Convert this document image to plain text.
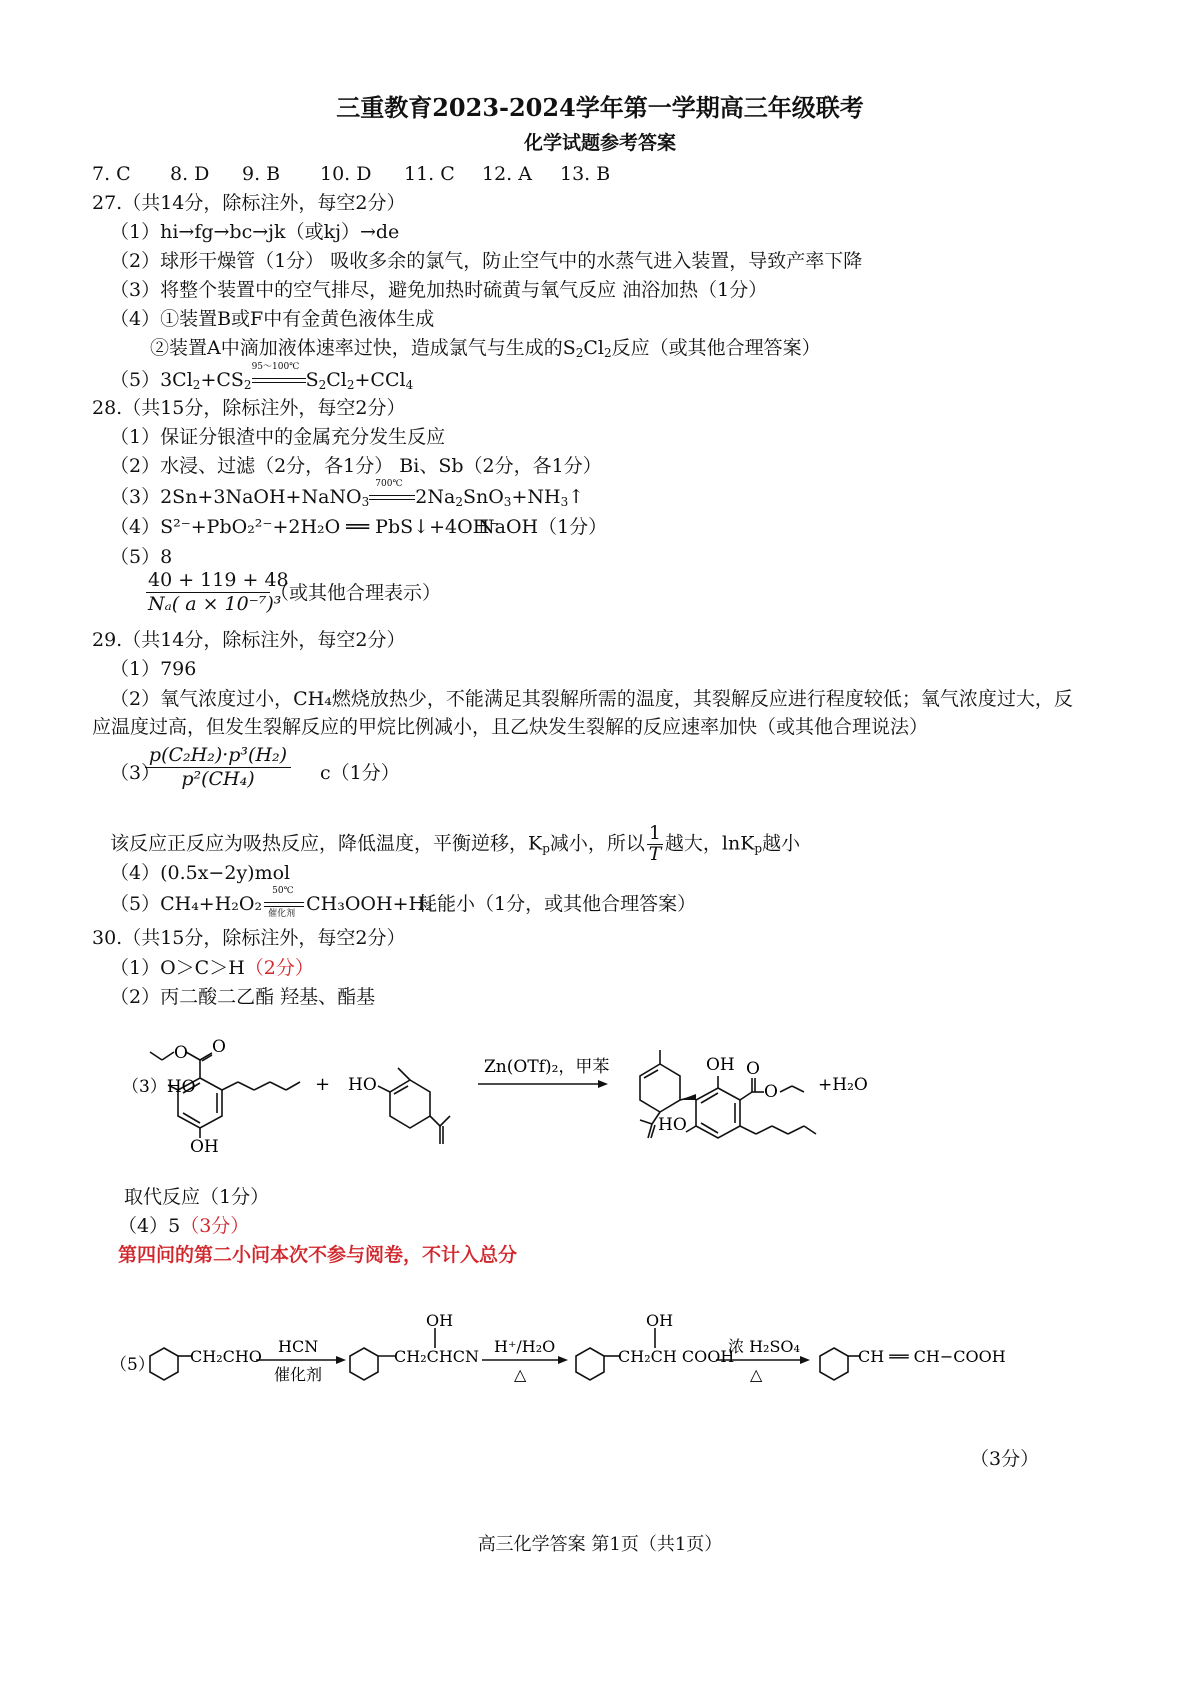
三重教育2023-2024学年第一学期高三年级联考
化学试题参考答案
7. C 8. D 9. B 10. D 11. C 12. A 13. B
27.（共14分，除标注外，每空2分）
（1）hi→fg→bc→jk（或kj）→de
（2）球形干燥管（1分） 吸收多余的氯气，防止空气中的水蒸气进入装置，导致产率下降
（3）将整个装置中的空气排尽，避免加热时硫黄与氧气反应 油浴加热（1分）
（4）①装置B或F中有金黄色液体生成
②装置A中滴加液体速率过快，造成氯气与生成的$S_2Cl_2$反应（或其他合理答案）
$(5)3Cl_2+CS_2$
95～100℃
$S_2Cl_2+CCl_4$
28.（共15分，除标注外，每空2分）
（1）保证分银渣中的金属充分发生反应
（2）水浸、过滤（2分，各1分） Bi、Sb（2分，各1分）
（3）2Sn+3NaOH+NaNO$_3$
700℃
$2Na_2SnO_3+NH_3↑$
（4）S²⁻+PbO₂²⁻+2H₂O ══ PbS↓+4OH⁻
NaOH（1分）
（5）8
40 + 119 + 48
Nₐ( a × 10⁻⁷)³
（或其他合理表示）
29.（共14分，除标注外，每空2分）
（1）796
（2）氧气浓度过小，CH₄燃烧放热少，不能满足其裂解所需的温度，其裂解反应进行程度较低；氧气浓度过大，反
应温度过高，但发生裂解反应的甲烷比例减小，且乙炔发生裂解的反应速率加快（或其他合理说法）
（3）
p(C₂H₂)·p³(H₂)
p²(CH₄)	c（1分）
该反应正反应为吸热反应，降低温度，平衡逆移，$K_p$减小，所以 $\frac{1}{T}$ 越大，lnK$_p$越小
（4）(0.5x−2y)mol
（5）CH₄+H₂O₂
50℃
催化剂 CH₃OOH+H₂
耗能小（1分，或其他合理答案）
30.（共15分，除标注外，每空2分）
（1）O＞C＞H（2分）
（2）丙二酸二乙酯 羟基、酯基
（3）HO
OH
O
O
+ HO
Zn(OTf)₂，甲苯	OH O
O
HO
+H₂O
取代反应（1分）
（4）5（3分）
第四问的第二小问本次不参与阅卷，不计入总分
（5） CH₂CHO
HCN
催化剂
OH
CH₂CHCN
H⁺/H₂O
△
OH
CH₂CH COOH
浓 H₂SO₄
△
CH ══ CH−COOH
（3分）
高三化学答案 第1页（共1页）
